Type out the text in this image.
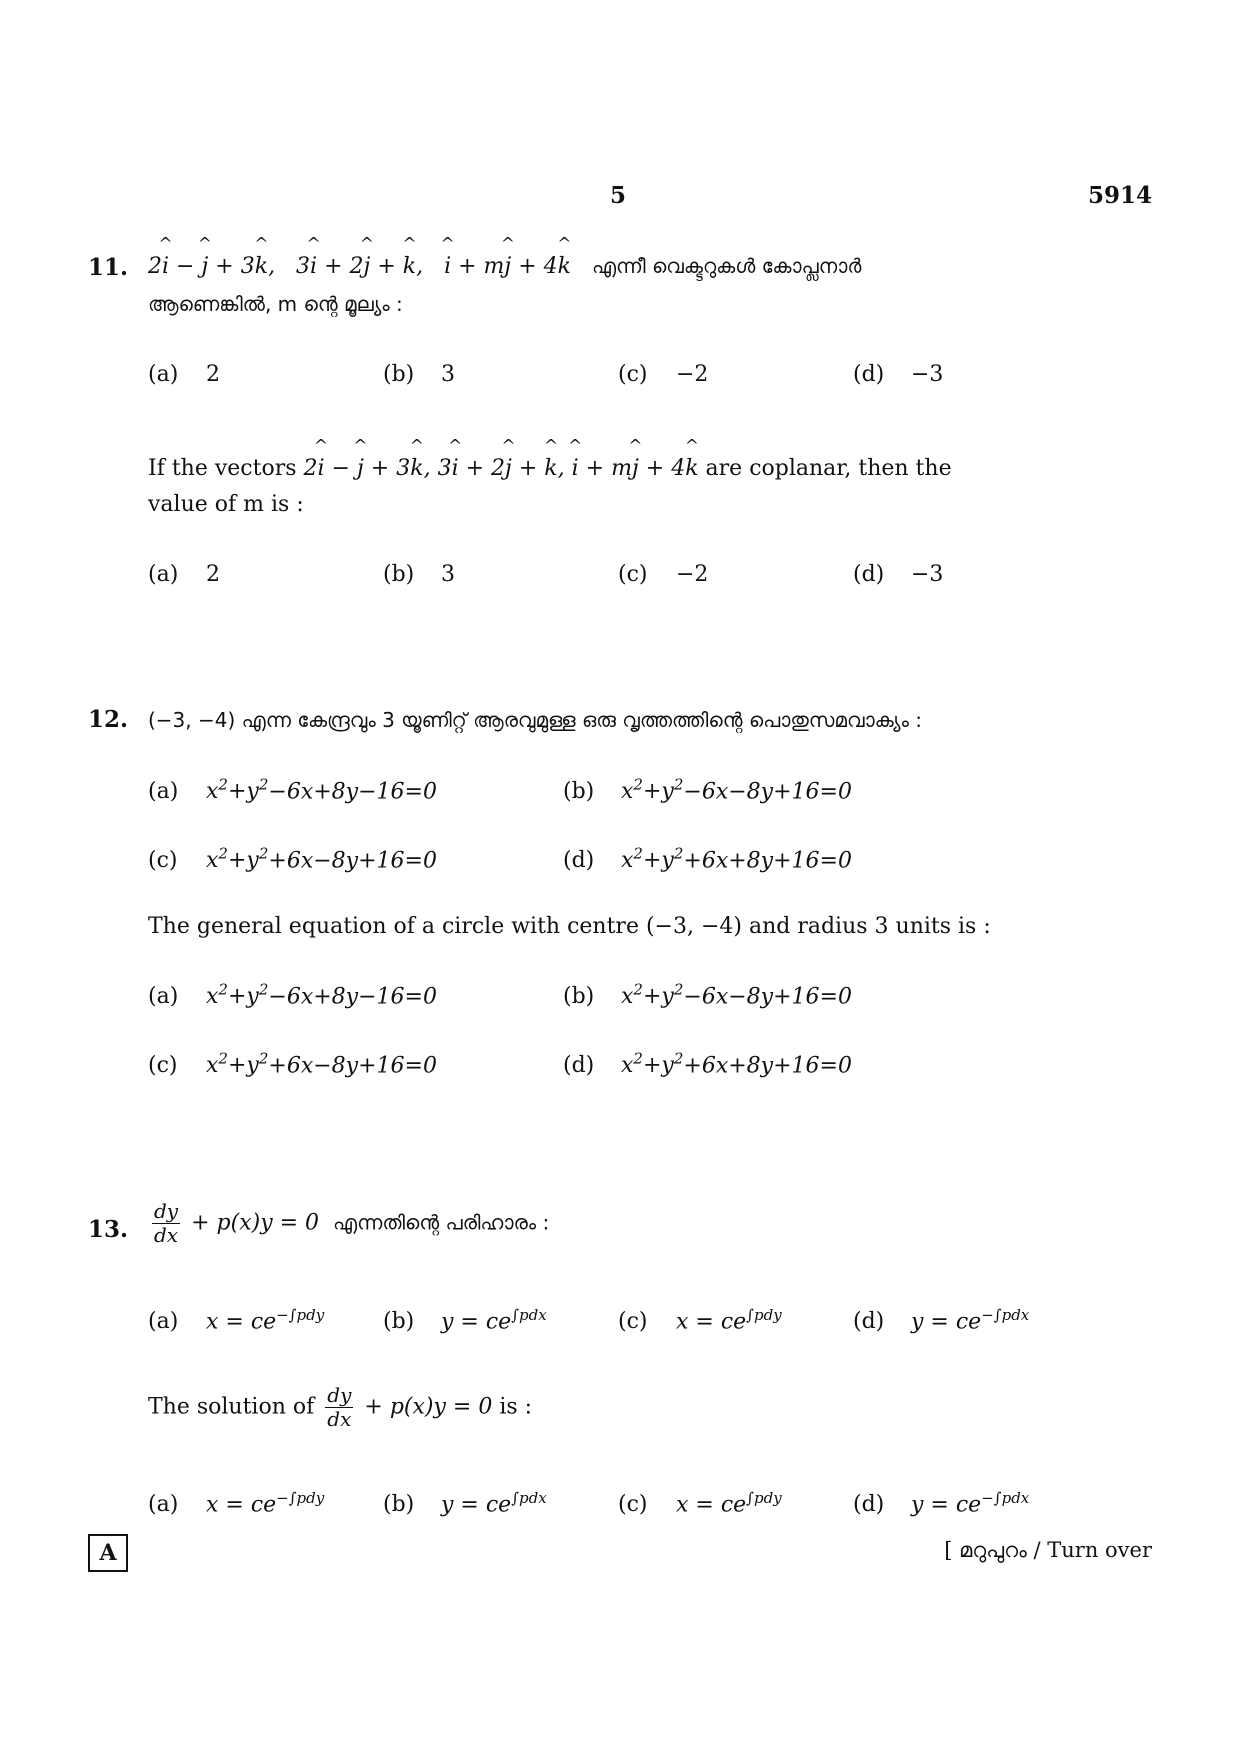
5	5914
11. 2^ i − ^ j + 3^ k,   3^ i + 2^ j + ^ k,   ^ i + m^ j + 4^ k എന്നീ വെക്ടറുകൾ കോപ്ലനാർ
ആണെങ്കിൽ, m ന്റെ മൂല്യം :
(a) 2	(b) 3	(c) −2	(d) −3
If the vectors 2^ i − ^ j + 3^ k, 3^ i + 2^ j + ^ k, ^ i + m^ j + 4^ k are coplanar, then the
value of m is :
(a) 2	(b) 3	(c) −2	(d) −3
12. (−3, −4) എന്ന കേന്ദ്രവും 3 യൂണിറ്റ് ആരവുമുള്ള ഒരു വൃത്തത്തിന്റെ പൊതുസമവാക്യം :
(a) $x^2+y^2-6x+8y-16=0$	(b) $x^2+y^2-6x-8y+16=0$
(c) $x^2+y^2+6x-8y+16=0$	(d) $x^2+y^2+6x+8y+16=0$
The general equation of a circle with centre (−3, −4) and radius 3 units is :
(a) $x^2+y^2-6x+8y-16=0$	(b) $x^2+y^2-6x-8y+16=0$
(c) $x^2+y^2+6x-8y+16=0$	(d) $x^2+y^2+6x+8y+16=0$
13. $\frac{dy}{dx} + p(x)y = 0$ എന്നതിന്റെ പരിഹാരം :
(a) $x = ce^{-\int pdy}$	(b) $y = ce^{\int pdx}$	(c) $x = ce^{\int pdy}$	(d) $y = ce^{-\int pdx}$
The solution of $\frac{dy}{dx} + p(x)y = 0$ is :
(a) $x = ce^{-\int pdy}$	(b) $y = ce^{\int pdx}$	(c) $x = ce^{\int pdy}$	(d) $y = ce^{-\int pdx}$
A	[ മറുപുറം / Turn over
